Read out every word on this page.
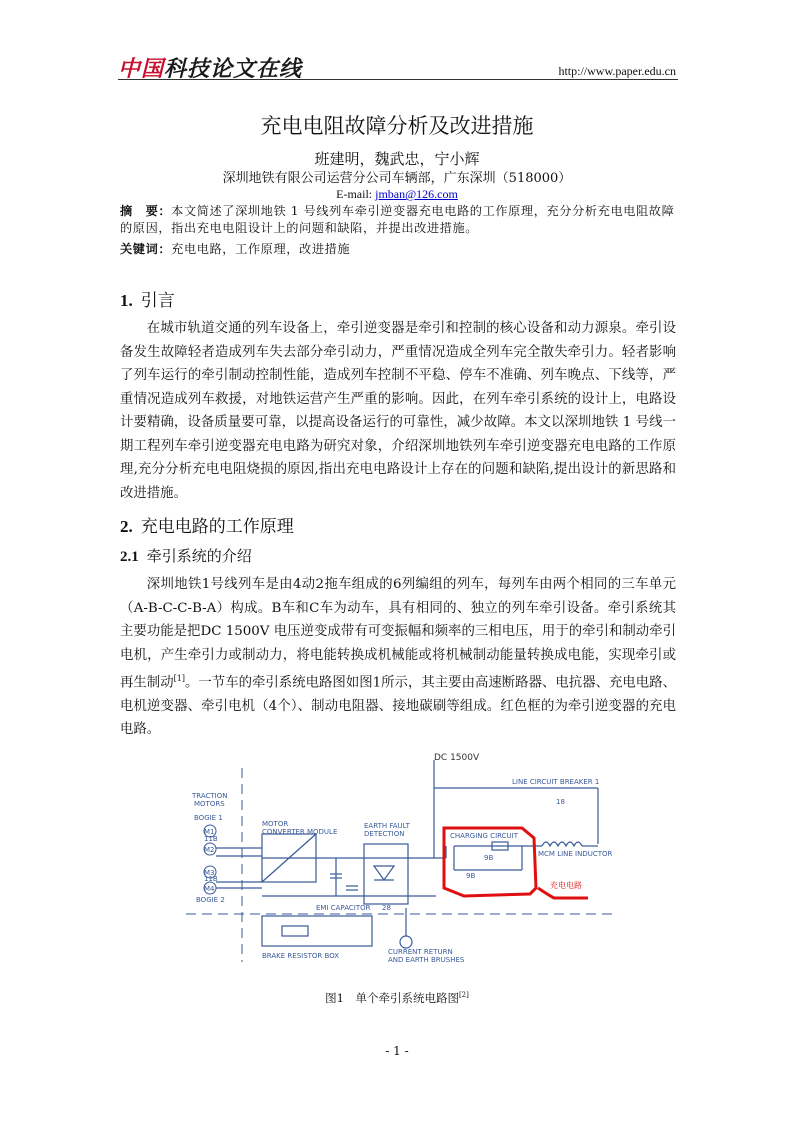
中国科技论文在线	http://www.paper.edu.cn
充电电阻故障分析及改进措施
班建明，魏武忠，宁小辉
深圳地铁有限公司运营分公司车辆部，广东深圳（518000）
E-mail: jmban@126.com
摘　要：本文简述了深圳地铁 1 号线列车牵引逆变器充电电路的工作原理，充分分析充电电阻故障的原因，指出充电电阻设计上的问题和缺陷，并提出改进措施。
关键词：充电电路，工作原理，改进措施
1. 引言
在城市轨道交通的列车设备上，牵引逆变器是牵引和控制的核心设备和动力源泉。牵引设备发生故障轻者造成列车失去部分牵引动力，严重情况造成全列车完全散失牵引力。轻者影响了列车运行的牵引制动控制性能，造成列车控制不平稳、停车不准确、列车晚点、下线等，严重情况造成列车救援，对地铁运营产生严重的影响。因此，在列车牵引系统的设计上，电路设计要精确，设备质量要可靠，以提高设备运行的可靠性，减少故障。本文以深圳地铁 1 号线一期工程列车牵引逆变器充电电路为研究对象，介绍深圳地铁列车牵引逆变器充电电路的工作原理,充分分析充电电阻烧损的原因,指出充电电路设计上存在的问题和缺陷,提出设计的新思路和改进措施。
2. 充电电路的工作原理
2.1 牵引系统的介绍
深圳地铁1号线列车是由4动2拖车组成的6列编组的列车，每列车由两个相同的三车单元（A-B-C-C-B-A）构成。B车和C车为动车，具有相同的、独立的列车牵引设备。牵引系统其主要功能是把DC 1500V 电压逆变成带有可变振幅和频率的三相电压，用于的牵引和制动牵引电机，产生牵引力或制动力，将电能转换成机械能或将机械制动能量转换成电能，实现牵引或再生制动[1]。一节车的牵引系统电路图如图1所示，其主要由高速断路器、电抗器、充电电路、电机逆变器、牵引电机（4个）、制动电阻器、接地碳刷等组成。红色框的为牵引逆变器的充电电路。
DC 1500V
LINE CIRCUIT BREAKER 1
18
TRACTION
MOTORS
BOGIE 1
BOGIE 2
M1
M2
M3
M4
11B
11B
MOTOR
CONVERTER MODULE
EARTH FAULT
DETECTION
28
CHARGING CIRCUIT
9B
9B
MCM LINE INDUCTOR
充电电路
EMI CAPACITOR
BRAKE RESISTOR BOX	CURRENT RETURN
AND EARTH BRUSHES
图1　单个牵引系统电路图[2]
- 1 -
